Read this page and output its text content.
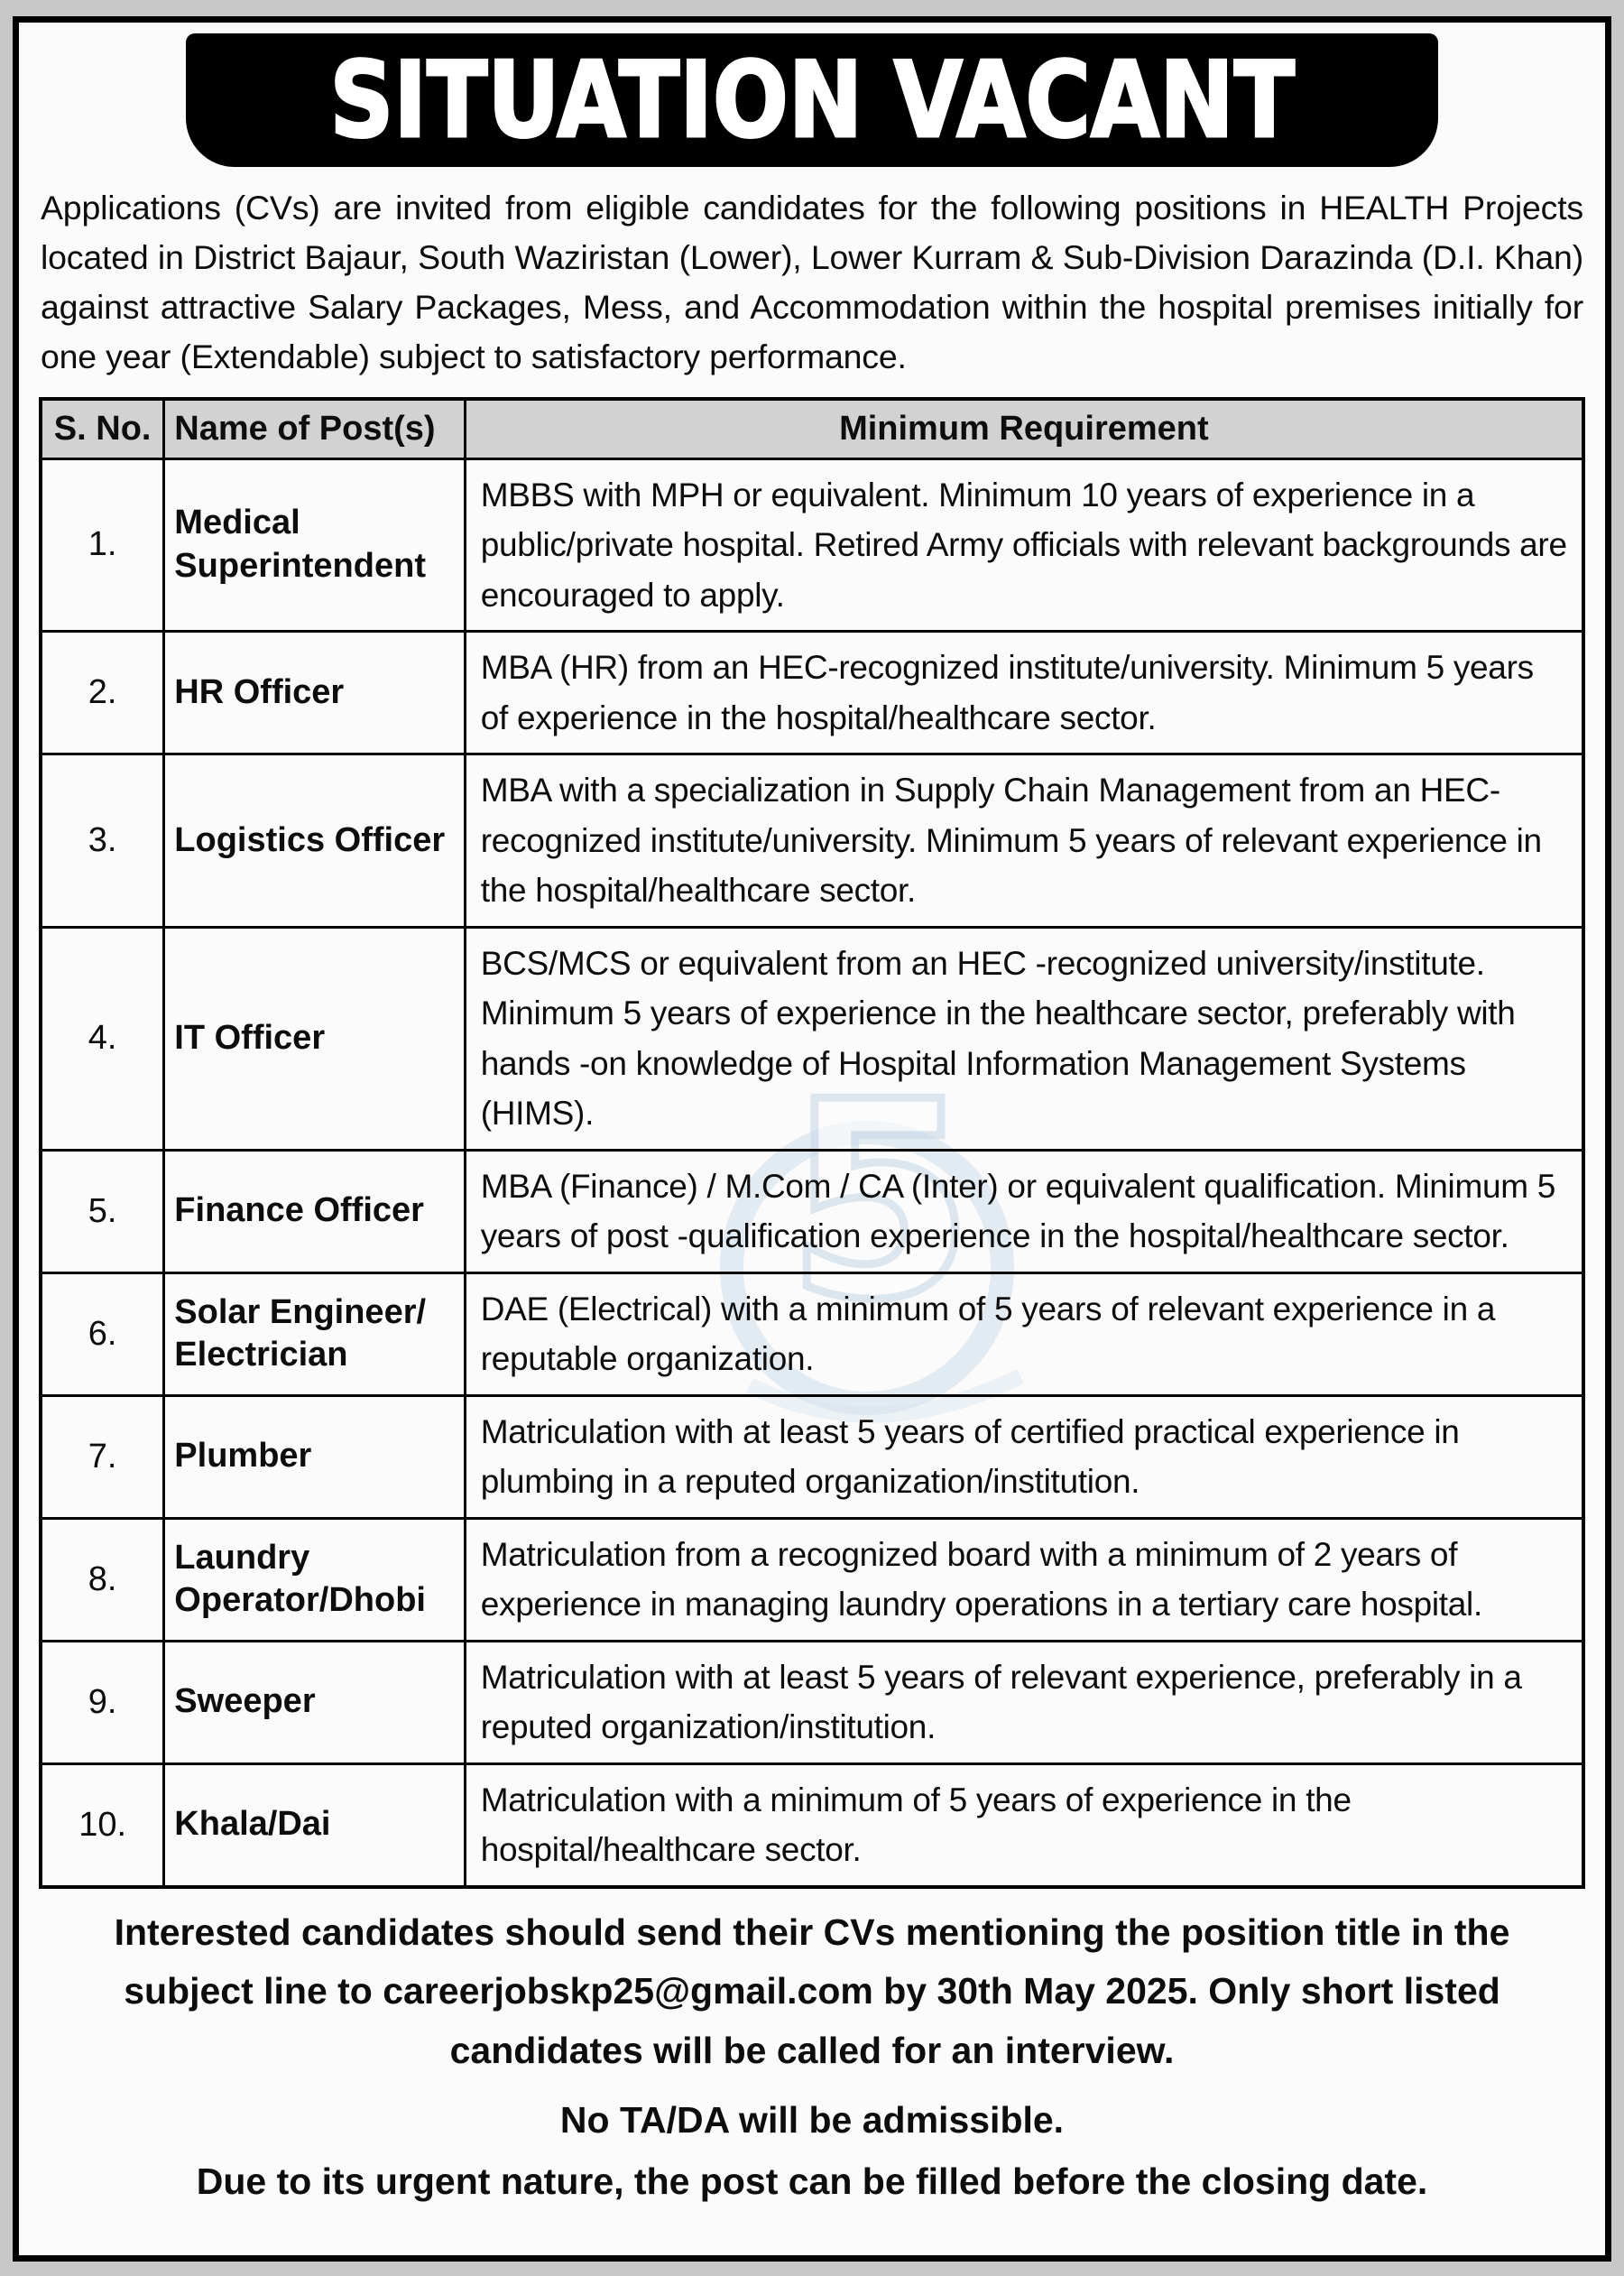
5
SITUATION VACANT

Applications (CVs) are invited from eligible candidates for the following positions in HEALTH Projects located in District Bajaur, South Waziristan (Lower), Lower Kurram & Sub-Division Darazinda (D.I. Khan) against attractive Salary Packages, Mess, and Accommodation within the hospital premises initially for one year (Extendable) subject to satisfactory performance.

S. No.	Name of Post(s)	Minimum Requirement
1.	Medical Superintendent	MBBS with MPH or equivalent. Minimum 10 years of experience in a public/private hospital. Retired Army officials with relevant backgrounds are encouraged to apply.
2.	HR Officer	MBA (HR) from an HEC-recognized institute/university. Minimum 5 years of experience in the hospital/healthcare sector.
3.	Logistics Officer	MBA with a specialization in Supply Chain Management from an HEC-recognized institute/university. Minimum 5 years of relevant experience in the hospital/healthcare sector.
4.	IT Officer	BCS/MCS or equivalent from an HEC -recognized university/institute. Minimum 5 years of experience in the healthcare sector, preferably with hands -on knowledge of Hospital Information Management Systems (HIMS).
5.	Finance Officer	MBA (Finance) / M.Com / CA (Inter) or equivalent qualification. Minimum 5 years of post -qualification experience in the hospital/healthcare sector.
6.	Solar Engineer/ Electrician	DAE (Electrical) with a minimum of 5 years of relevant experience in a reputable organization.
7.	Plumber	Matriculation with at least 5 years of certified practical experience in plumbing in a reputed organization/institution.
8.	Laundry Operator/Dhobi	Matriculation from a recognized board with a minimum of 2 years of experience in managing laundry operations in a tertiary care hospital.
9.	Sweeper	Matriculation with at least 5 years of relevant experience, preferably in a reputed organization/institution.
10.	Khala/Dai	Matriculation with a minimum of 5 years of experience in the hospital/healthcare sector.

Interested candidates should send their CVs mentioning the position title in the subject line to careerjobskp25@gmail.com by 30th May 2025. Only short listed candidates will be called for an interview.

No TA/DA will be admissible.

Due to its urgent nature, the post can be filled before the closing date.
